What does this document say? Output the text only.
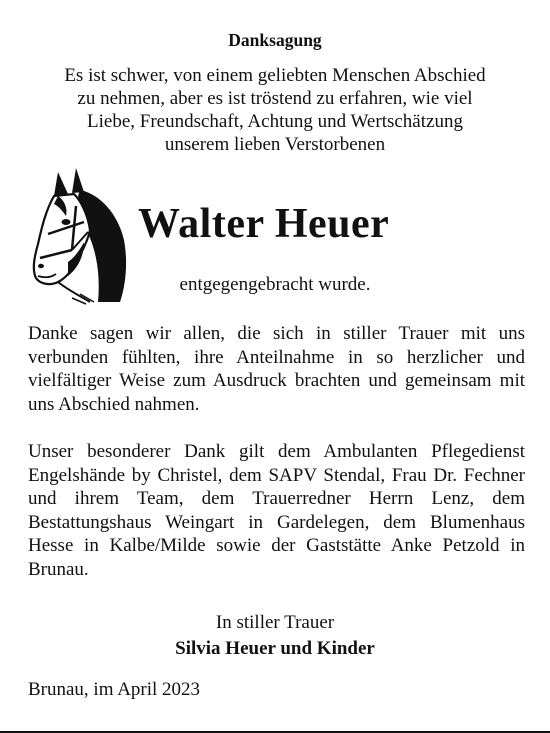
Danksagung
Es ist schwer, von einem geliebten Menschen Abschied
zu nehmen, aber es ist tröstend zu erfahren, wie viel
Liebe, Freundschaft, Achtung und Wertschätzung
unserem lieben Verstorbenen
Walter Heuer
entgegengebracht wurde.
Danke sagen wir allen, die sich in stiller Trauer mit uns verbunden fühlten, ihre Anteilnahme in so herzlicher und vielfältiger Weise zum Ausdruck brachten und gemeinsam mit uns Abschied nahmen.
Unser besonderer Dank gilt dem Ambulanten Pflegedienst Engelshände by Christel, dem SAPV Stendal, Frau Dr. Fechner und ihrem Team, dem Trauerredner Herrn Lenz, dem Bestattungshaus Weingart in Gardelegen, dem Blumenhaus Hesse in Kalbe/Milde sowie der Gaststätte Anke Petzold in Brunau.
In stiller Trauer
Silvia Heuer und Kinder
Brunau, im April 2023
